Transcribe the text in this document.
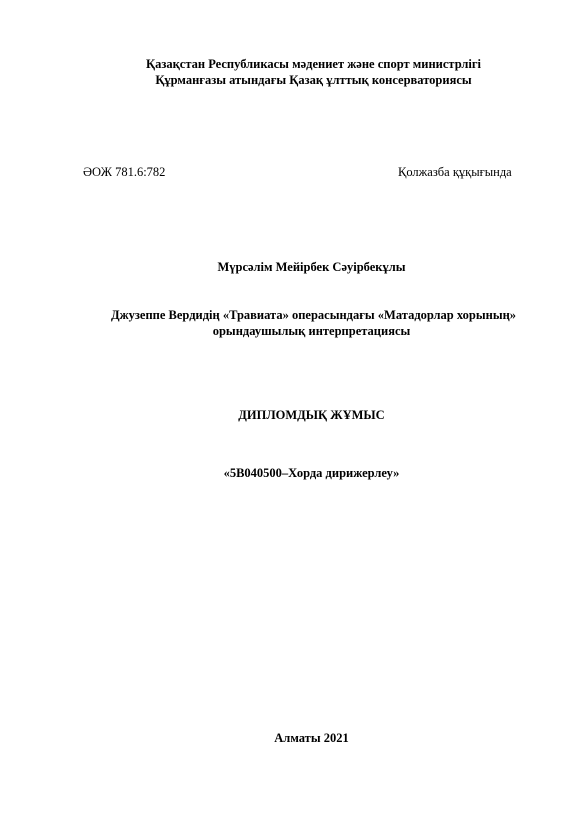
Қазақстан Республикасы мәдениет және спорт министрлігі
Құрманғазы атындағы Қазақ ұлттық консерваториясы
ӘОЖ 781.6:782	Қолжазба құқығында
Мүрсәлім Мейірбек Сәуірбекұлы
Джузеппе Вердидің «Травиата» операсындағы «Матадорлар хорының»
орындаушылық интерпретациясы
ДИПЛОМДЫҚ ЖҰМЫС
«5В040500–Хорда дирижерлеу»
Алматы 2021
